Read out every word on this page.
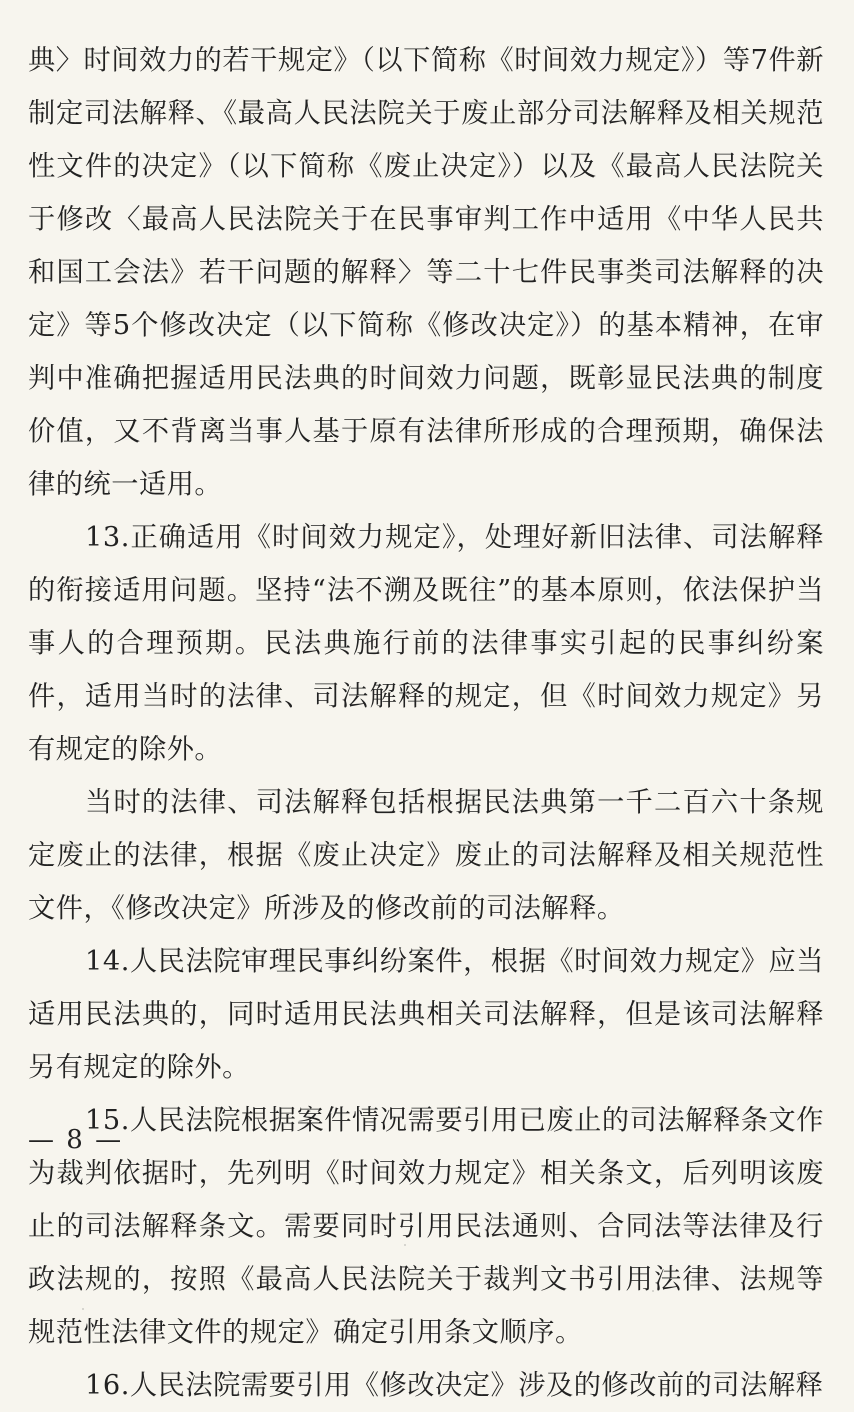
典〉时间效力的若干规定》（以下简称《时间效力规定》）等7件新制定司法解释、《最高人民法院关于废止部分司法解释及相关规范性文件的决定》（以下简称《废止决定》）以及《最高人民法院关于修改〈最高人民法院关于在民事审判工作中适用《中华人民共和国工会法》若干问题的解释〉等二十七件民事类司法解释的决定》等5个修改决定（以下简称《修改决定》）的基本精神，在审判中准确把握适用民法典的时间效力问题，既彰显民法典的制度价值，又不背离当事人基于原有法律所形成的合理预期，确保法律的统一适用。

13.正确适用《时间效力规定》，处理好新旧法律、司法解释的衔接适用问题。坚持“法不溯及既往”的基本原则，依法保护当事人的合理预期。民法典施行前的法律事实引起的民事纠纷案件，适用当时的法律、司法解释的规定，但《时间效力规定》另有规定的除外。

当时的法律、司法解释包括根据民法典第一千二百六十条规定废止的法律，根据《废止决定》废止的司法解释及相关规范性文件，《修改决定》所涉及的修改前的司法解释。

14.人民法院审理民事纠纷案件，根据《时间效力规定》应当适用民法典的，同时适用民法典相关司法解释，但是该司法解释另有规定的除外。

15.人民法院根据案件情况需要引用已废止的司法解释条文作为裁判依据时，先列明《时间效力规定》相关条文，后列明该废止的司法解释条文。需要同时引用民法通则、合同法等法律及行政法规的，按照《最高人民法院关于裁判文书引用法律、法规等规范性法律文件的规定》确定引用条文顺序。

16.人民法院需要引用《修改决定》涉及的修改前的司法解释

— 8 —
